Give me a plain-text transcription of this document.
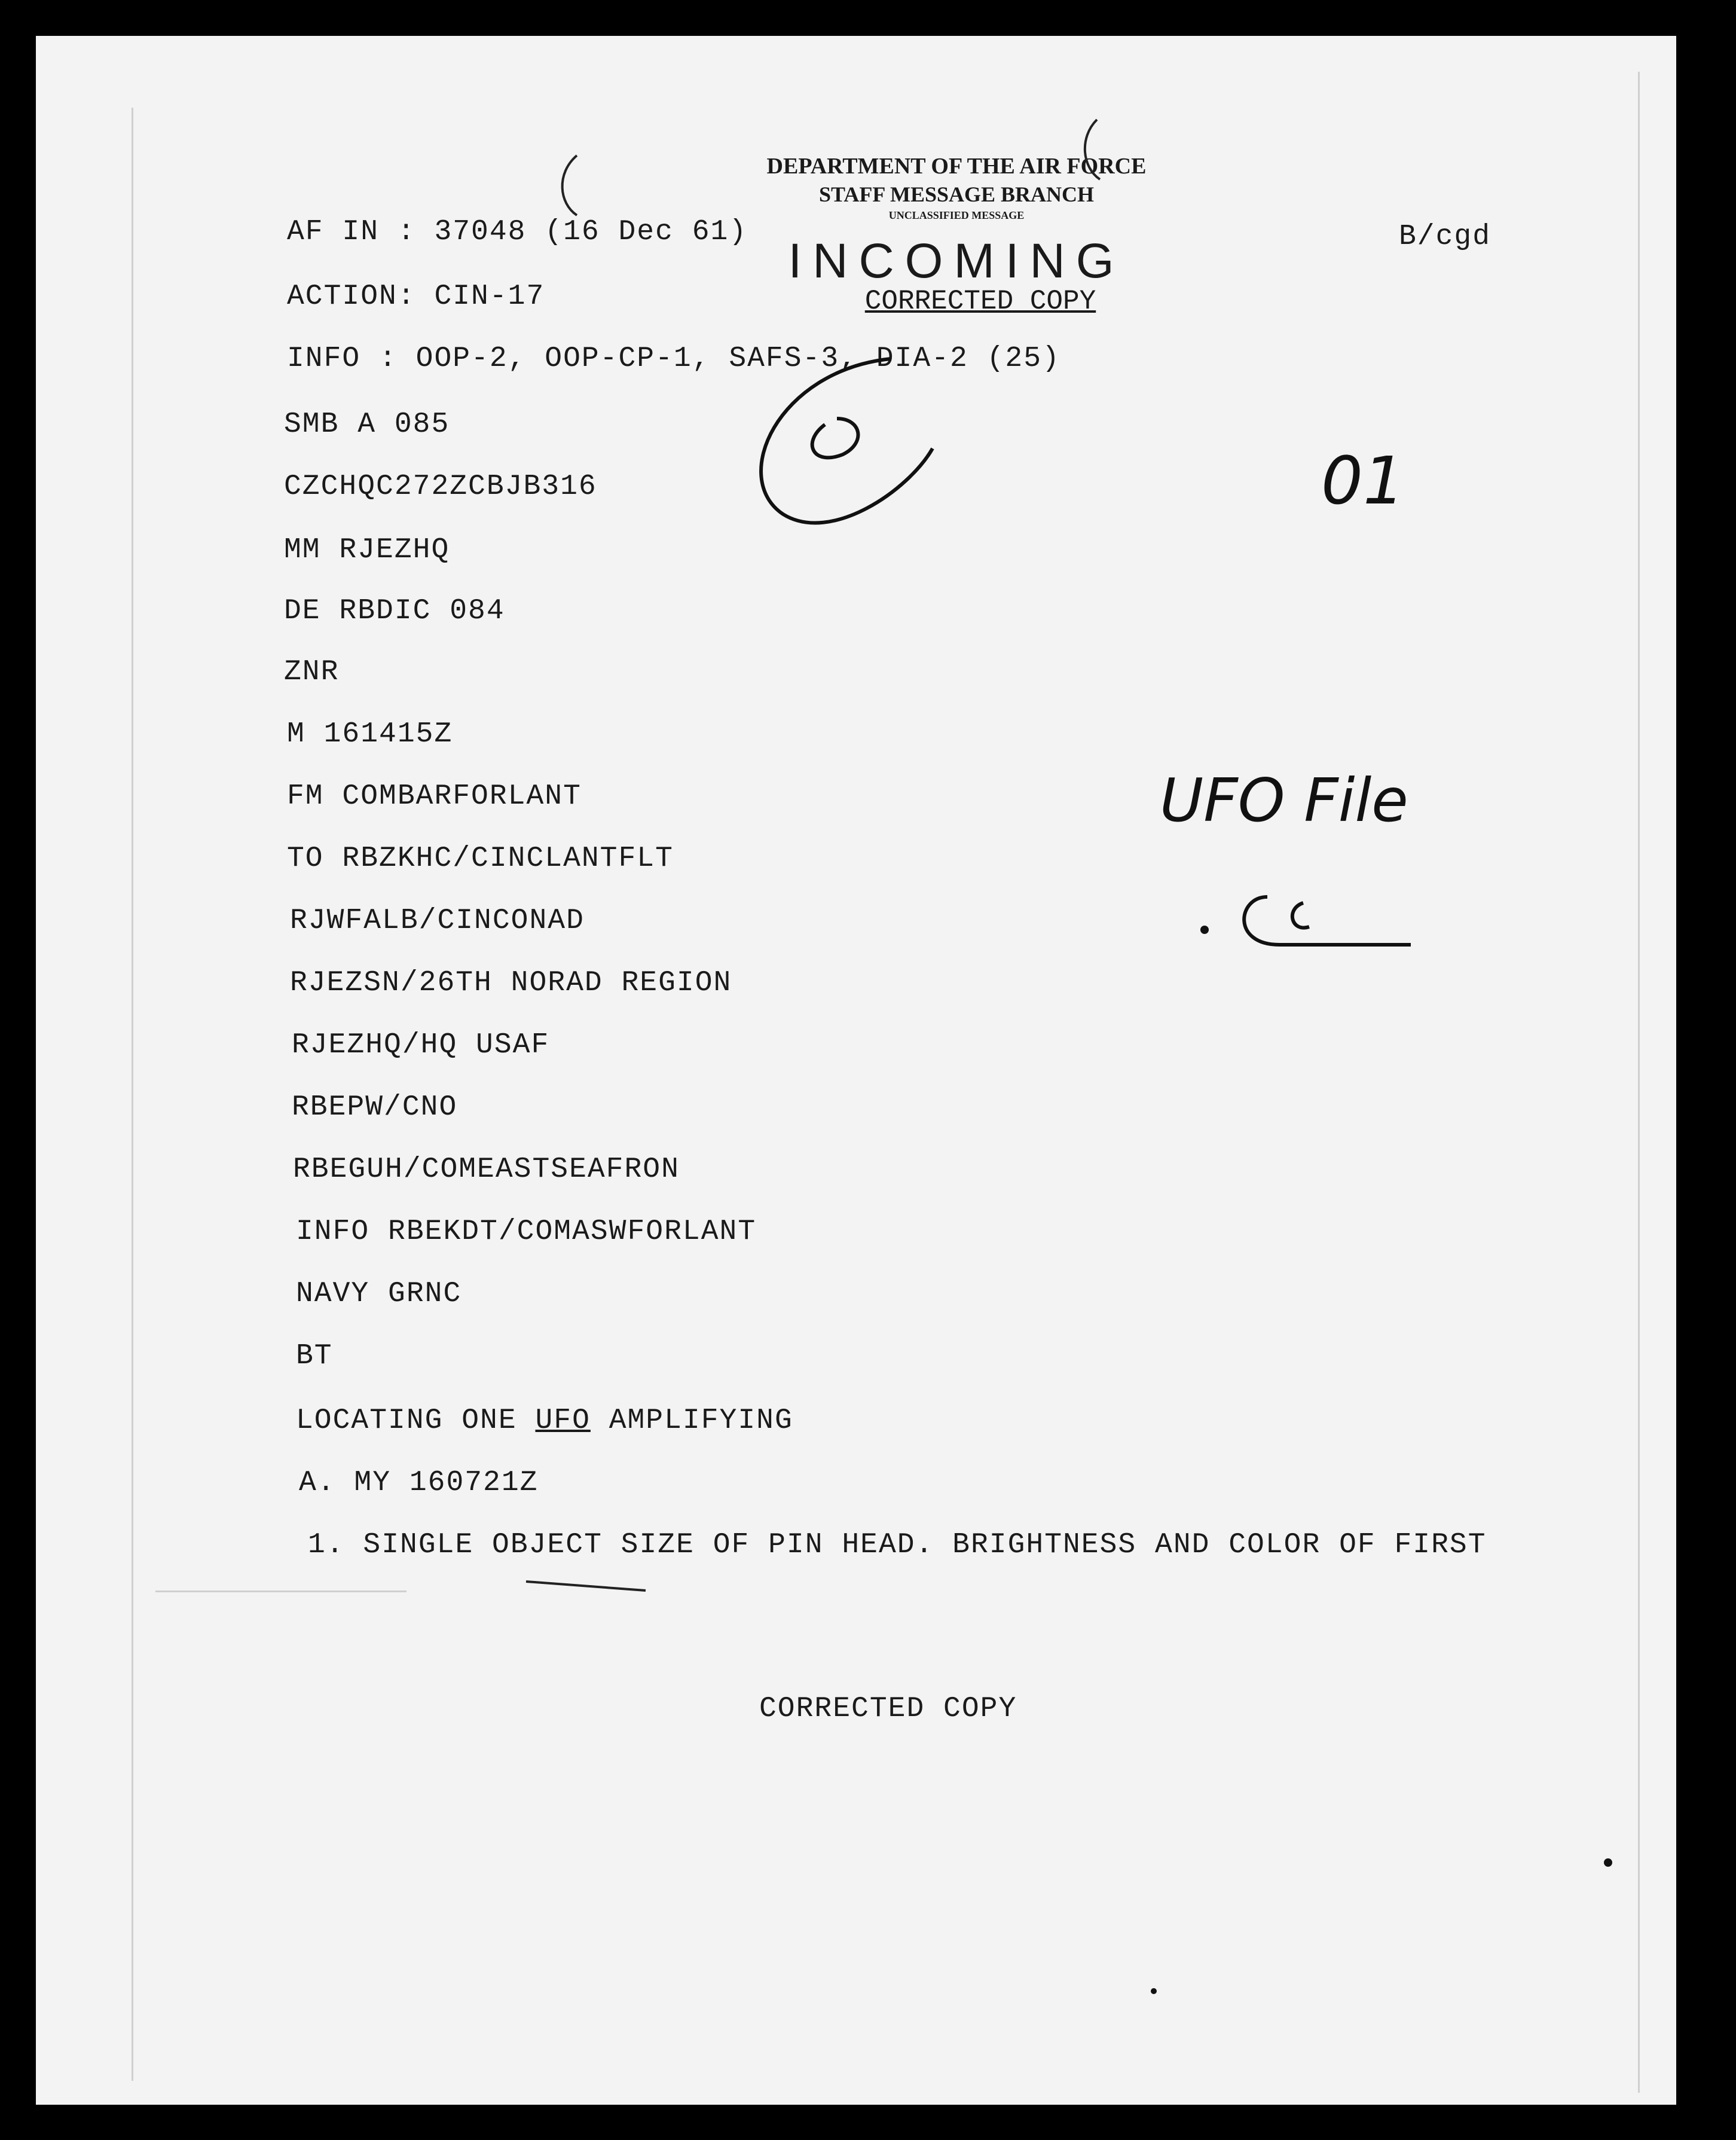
DEPARTMENT OF THE AIR FORCE
STAFF MESSAGE BRANCH
UNCLASSIFIED MESSAGE
INCOMING
CORRECTED COPY
AF IN : 37048 (16 Dec 61)	B/cgd
ACTION: CIN-17
INFO : OOP-2, OOP-CP-1, SAFS-3, DIA-2 (25)
SMB A 085
CZCHQC272ZCBJB316
MM RJEZHQ
DE RBDIC 084
ZNR
M 161415Z
FM COMBARFORLANT
TO RBZKHC/CINCLANTFLT
RJWFALB/CINCONAD
RJEZSN/26TH NORAD REGION
RJEZHQ/HQ USAF
RBEPW/CNO
RBEGUH/COMEASTSEAFRON
INFO RBEKDT/COMASWFORLANT
NAVY GRNC
BT
LOCATING ONE UFO AMPLIFYING
A. MY 160721Z
1. SINGLE OBJECT SIZE OF PIN HEAD. BRIGHTNESS AND COLOR OF FIRST
CORRECTED COPY
01
UFO File
